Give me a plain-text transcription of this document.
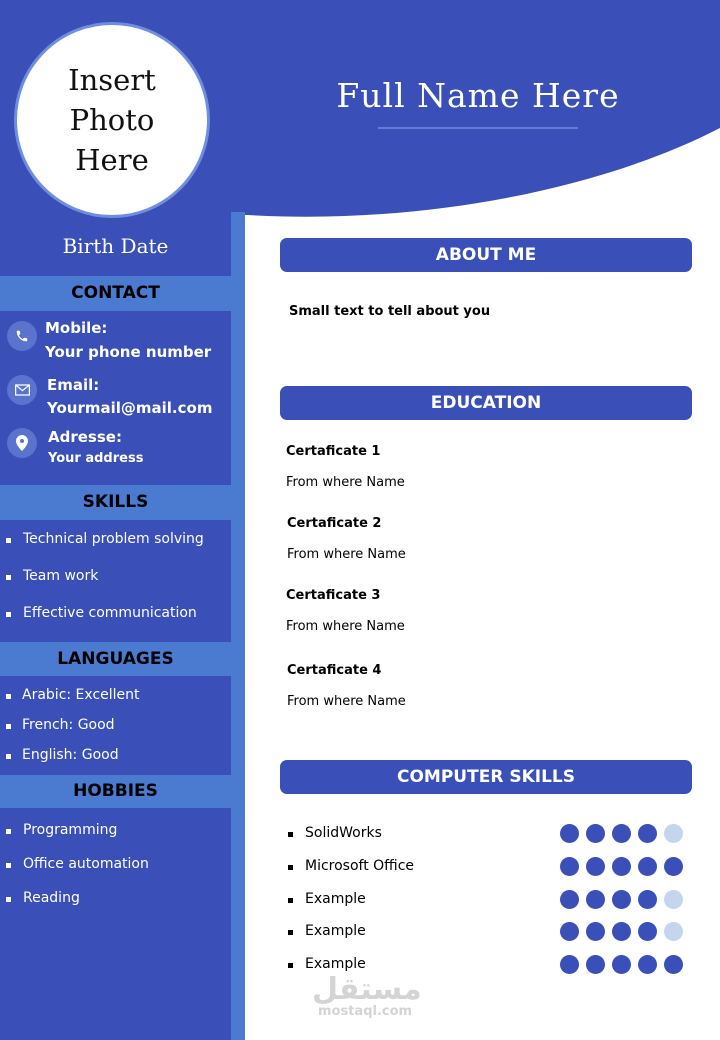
Insert
Photo
Here
Birth Date
Full Name Here
CONTACT
Mobile:
Your phone number
Email:
Yourmail@mail.com
Adresse:
Your address
SKILLS
Technical problem solving
Team work
Effective communication
LANGUAGES
Arabic: Excellent
French: Good
English: Good
HOBBIES
Programming
Office automation
Reading
ABOUT ME
Small text to tell about you
EDUCATION
Certaficate 1
From where Name
Certaficate 2
From where Name
Certaficate 3
From where Name
Certaficate 4
From where Name
COMPUTER SKILLS
SolidWorks
Microsoft Office
Example
Example
Example
مستقل
mostaql.com
